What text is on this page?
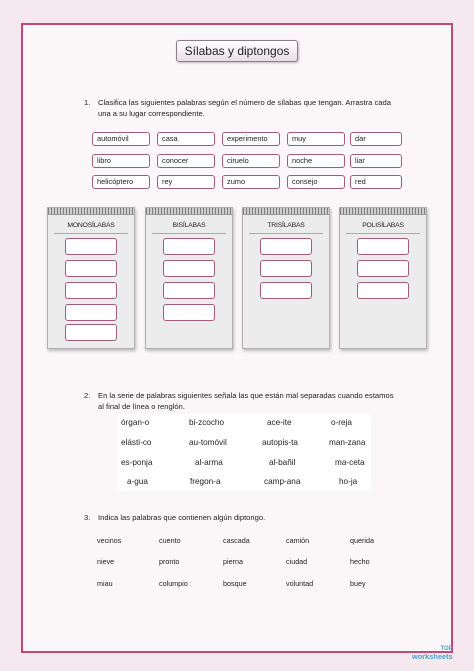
Sílabas y diptongos
1. Clasifica las siguientes palabras según el número de sílabas que tengan. Arrastra cada
una a su lugar correspondiente.
automóvil	casa	experimento	muy	dar
libro	conocer	ciruelo	noche	liar
helicóptero	rey	zumo	consejo	red
MONOSÍLABAS	BISÍLABAS	TRISÍLABAS	POLISÍLABAS
2. En la serie de palabras siguientes señala las que están mal separadas cuando estamos
al final de línea o renglón.
órgan-o	bi-zcocho	ace-ite	o-reja
elásti-co	au-tomóvil	autopis-ta	man-zana
es-ponja	al-arma	al-bañil	ma-ceta
a-gua	fregon-a	camp-ana	ho-ja
3. Indica las palabras que contienen algún diptongo.
vecinos	cuento	cascada	camión	querida
nieve	pronto	pierna	ciudad	hecho
miau	columpio	bosque	voluntad	buey
TOP
worksheets
